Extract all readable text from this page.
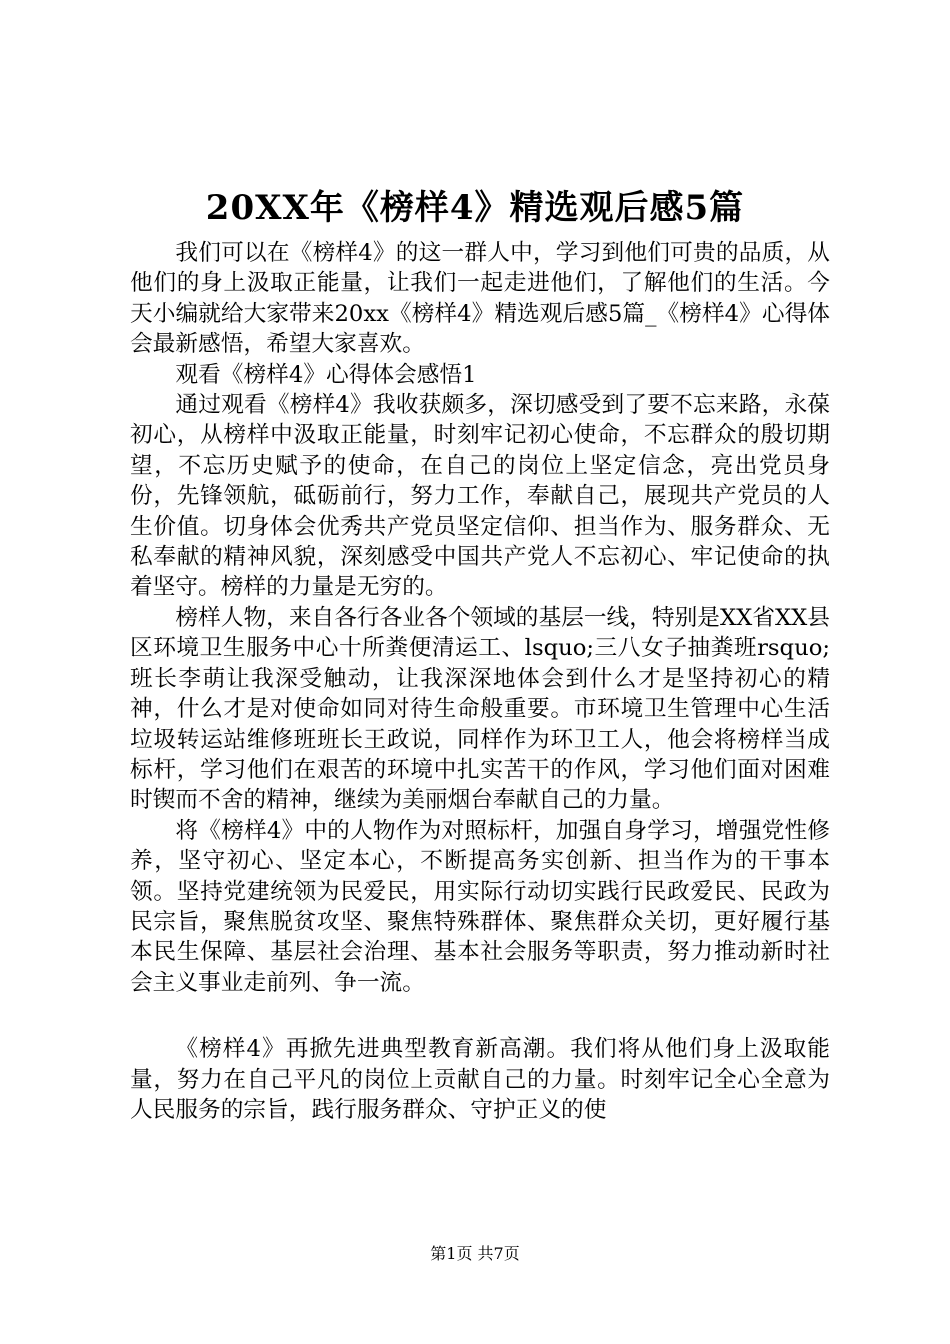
20XX年《榜样4》精选观后感5篇

我们可以在《榜样4》的这一群人中，学习到他们可贵的品质，从他们的身上汲取正能量，让我们一起走进他们，了解他们的生活。今天小编就给大家带来20xx《榜样4》精选观后感5篇_《榜样4》心得体会最新感悟，希望大家喜欢。

观看《榜样4》心得体会感悟1

通过观看《榜样4》我收获颇多，深切感受到了要不忘来路，永葆初心，从榜样中汲取正能量，时刻牢记初心使命，不忘群众的殷切期望，不忘历史赋予的使命，在自己的岗位上坚定信念，亮出党员身份，先锋领航，砥砺前行，努力工作，奉献自己，展现共产党员的人生价值。切身体会优秀共产党员坚定信仰、担当作为、服务群众、无私奉献的精神风貌，深刻感受中国共产党人不忘初心、牢记使命的执着坚守。榜样的力量是无穷的。

榜样人物，来自各行各业各个领域的基层一线，特别是XX省XX县区环境卫生服务中心十所粪便清运工、lsquo;三八女子抽粪班rsquo;班长李萌让我深受触动，让我深深地体会到什么才是坚持初心的精神，什么才是对使命如同对待生命般重要。市环境卫生管理中心生活垃圾转运站维修班班长王政说，同样作为环卫工人，他会将榜样当成标杆，学习他们在艰苦的环境中扎实苦干的作风，学习他们面对困难时锲而不舍的精神，继续为美丽烟台奉献自己的力量。

将《榜样4》中的人物作为对照标杆，加强自身学习，增强党性修养，坚守初心、坚定本心，不断提高务实创新、担当作为的干事本领。坚持党建统领为民爱民，用实际行动切实践行民政爱民、民政为民宗旨，聚焦脱贫攻坚、聚焦特殊群体、聚焦群众关切，更好履行基本民生保障、基层社会治理、基本社会服务等职责，努力推动新时社会主义事业走前列、争一流。

《榜样4》再掀先进典型教育新高潮。我们将从他们身上汲取能量，努力在自己平凡的岗位上贡献自己的力量。时刻牢记全心全意为人民服务的宗旨，践行服务群众、守护正义的使

第1页 共7页
